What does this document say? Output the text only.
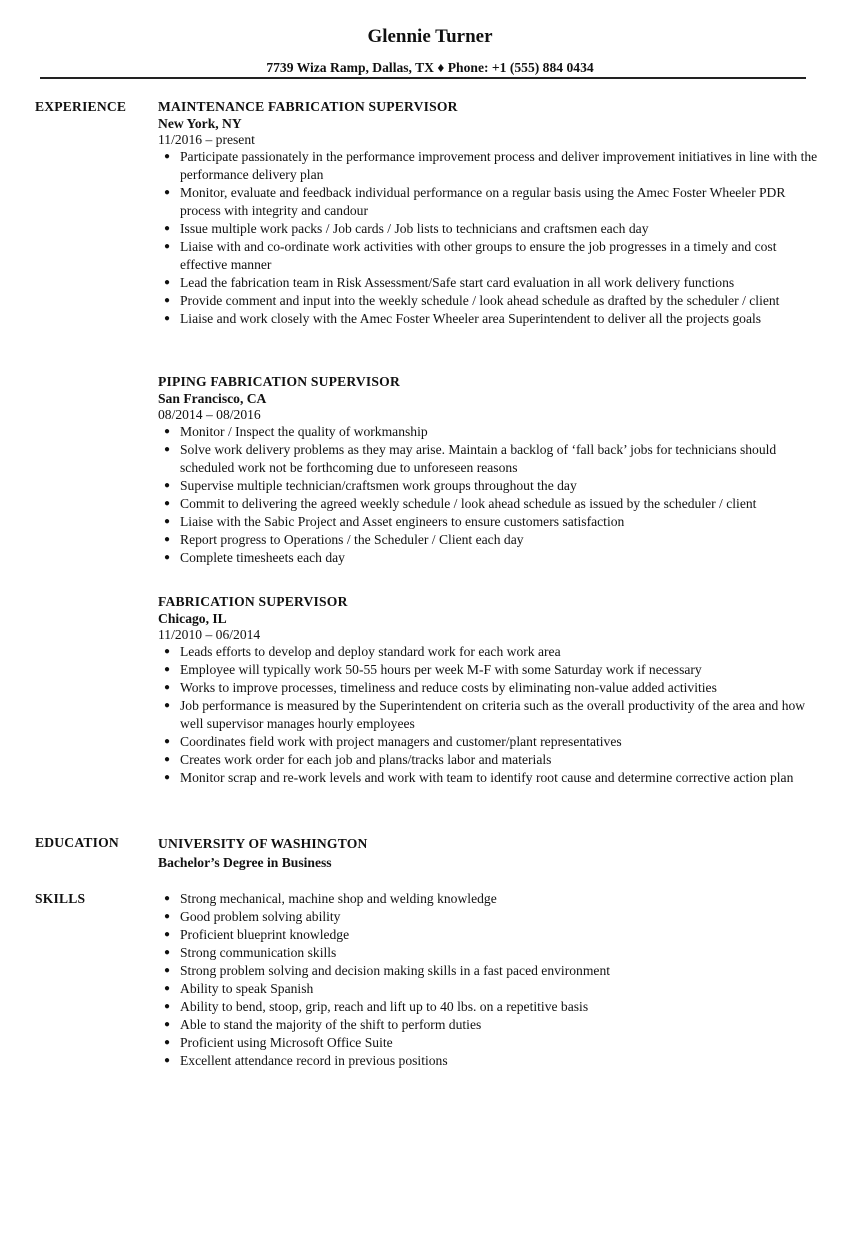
Glennie Turner
7739 Wiza Ramp, Dallas, TX ♦ Phone: +1 (555) 884 0434
EXPERIENCE MAINTENANCE FABRICATION SUPERVISOR
New York, NY
11/2016 – present
● Participate passionately in the performance improvement process and deliver improvement initiatives in line with the performance delivery plan
● Monitor, evaluate and feedback individual performance on a regular basis using the Amec Foster Wheeler PDR process with integrity and candour
● Issue multiple work packs / Job cards / Job lists to technicians and craftsmen each day
● Liaise with and co-ordinate work activities with other groups to ensure the job progresses in a timely and cost effective manner
● Lead the fabrication team in Risk Assessment/Safe start card evaluation in all work delivery functions
● Provide comment and input into the weekly schedule / look ahead schedule as drafted by the scheduler / client
● Liaise and work closely with the Amec Foster Wheeler area Superintendent to deliver all the projects goals
PIPING FABRICATION SUPERVISOR
San Francisco, CA
08/2014 – 08/2016
● Monitor / Inspect the quality of workmanship
● Solve work delivery problems as they may arise. Maintain a backlog of ‘fall back’ jobs for technicians should scheduled work not be forthcoming due to unforeseen reasons
● Supervise multiple technician/craftsmen work groups throughout the day
● Commit to delivering the agreed weekly schedule / look ahead schedule as issued by the scheduler / client
● Liaise with the Sabic Project and Asset engineers to ensure customers satisfaction
● Report progress to Operations / the Scheduler / Client each day
● Complete timesheets each day
FABRICATION SUPERVISOR
Chicago, IL
11/2010 – 06/2014
● Leads efforts to develop and deploy standard work for each work area
● Employee will typically work 50-55 hours per week M-F with some Saturday work if necessary
● Works to improve processes, timeliness and reduce costs by eliminating non-value added activities
● Job performance is measured by the Superintendent on criteria such as the overall productivity of the area and how well supervisor manages hourly employees
● Coordinates field work with project managers and customer/plant representatives
● Creates work order for each job and plans/tracks labor and materials
● Monitor scrap and re-work levels and work with team to identify root cause and determine corrective action plan
EDUCATION	UNIVERSITY OF WASHINGTON
Bachelor’s Degree in Business
SKILLS	● Strong mechanical, machine shop and welding knowledge
● Good problem solving ability
● Proficient blueprint knowledge
● Strong communication skills
● Strong problem solving and decision making skills in a fast paced environment
● Ability to speak Spanish
● Ability to bend, stoop, grip, reach and lift up to 40 lbs. on a repetitive basis
● Able to stand the majority of the shift to perform duties
● Proficient using Microsoft Office Suite
● Excellent attendance record in previous positions
